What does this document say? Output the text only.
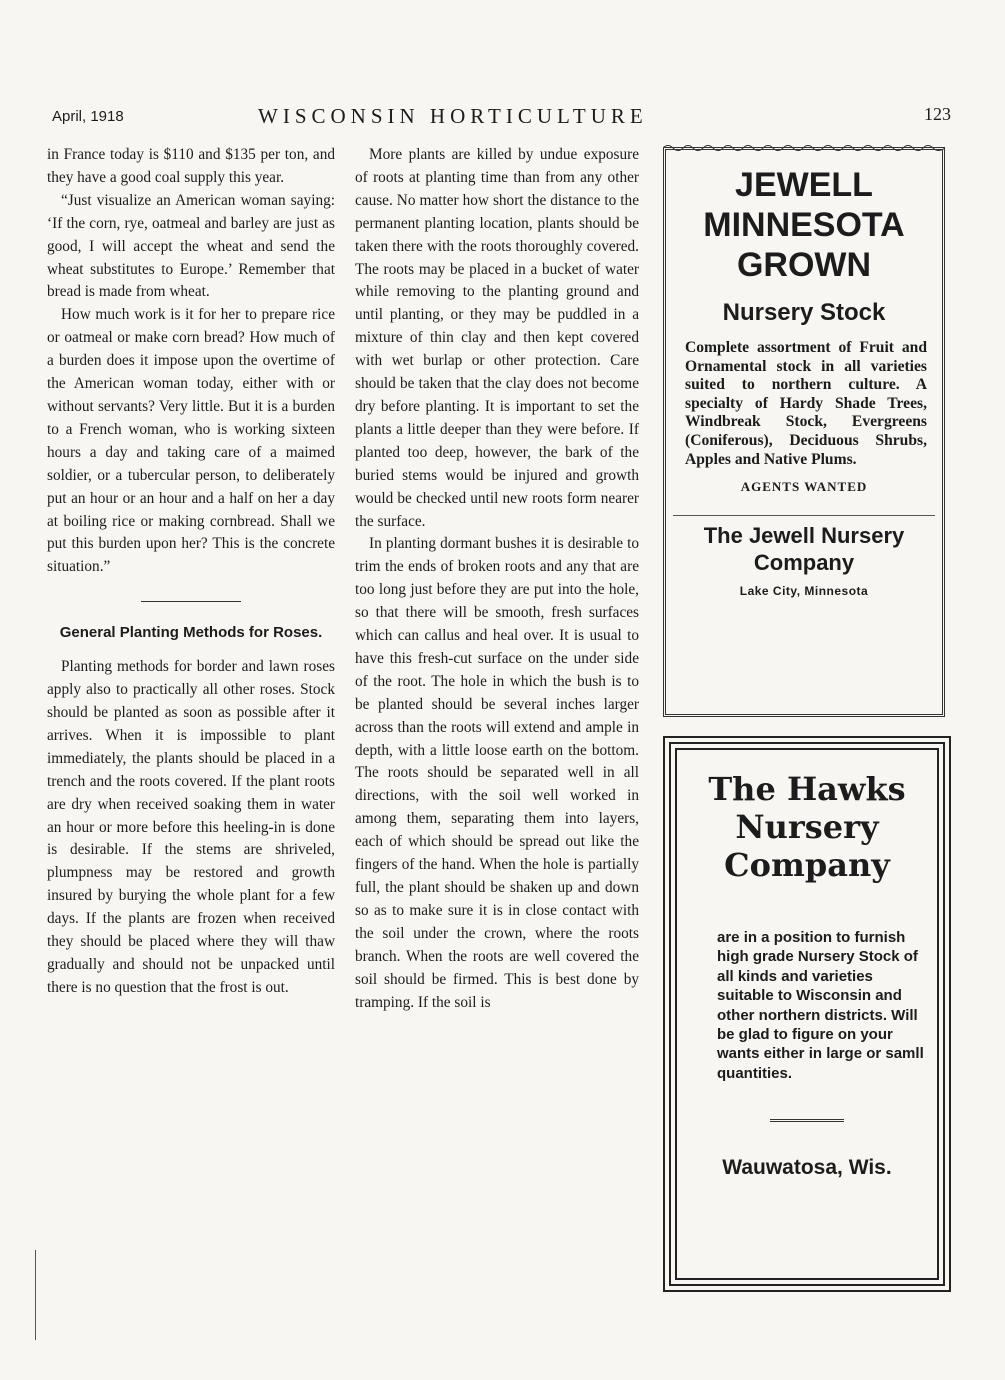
April, 1918	WISCONSIN HORTICULTURE	123

in France today is $110 and $135 per ton, and they have a good coal supply this year.

“Just visualize an American woman saying: ‘If the corn, rye, oatmeal and barley are just as good, I will accept the wheat and send the wheat substitutes to Europe.’ Remember that bread is made from wheat.

How much work is it for her to prepare rice or oatmeal or make corn bread? How much of a burden does it impose upon the overtime of the American woman today, either with or without servants? Very little. But it is a burden to a French woman, who is working sixteen hours a day and taking care of a maimed soldier, or a tubercular person, to deliberately put an hour or an hour and a half on her a day at boiling rice or making cornbread. Shall we put this burden upon her? This is the concrete situation.”

General Planting Methods for Roses.

Planting methods for border and lawn roses apply also to practically all other roses. Stock should be planted as soon as possible after it arrives. When it is impossible to plant immediately, the plants should be placed in a trench and the roots covered. If the plant roots are dry when received soaking them in water an hour or more before this heeling-in is done is desirable. If the stems are shriveled, plumpness may be restored and growth insured by burying the whole plant for a few days. If the plants are frozen when received they should be placed where they will thaw gradually and should not be unpacked until there is no question that the frost is out.

More plants are killed by undue exposure of roots at planting time than from any other cause. No matter how short the distance to the permanent planting location, plants should be taken there with the roots thoroughly covered. The roots may be placed in a bucket of water while removing to the planting ground and until planting, or they may be puddled in a mixture of thin clay and then kept covered with wet burlap or other protection. Care should be taken that the clay does not become dry before planting. It is important to set the plants a little deeper than they were before. If planted too deep, however, the bark of the buried stems would be injured and growth would be checked until new roots form nearer the surface.

In planting dormant bushes it is desirable to trim the ends of broken roots and any that are too long just before they are put into the hole, so that there will be smooth, fresh surfaces which can callus and heal over. It is usual to have this fresh-cut surface on the under side of the root. The hole in which the bush is to be planted should be several inches larger across than the roots will extend and ample in depth, with a little loose earth on the bottom. The roots should be separated well in all directions, with the soil well worked in among them, separating them into layers, each of which should be spread out like the fingers of the hand. When the hole is partially full, the plant should be shaken up and down so as to make sure it is in close contact with the soil under the crown, where the roots branch. When the roots are well covered the soil should be firmed. This is best done by tramping. If the soil is

JEWELL
MINNESOTA
GROWN
Nursery Stock
Complete assortment of Fruit and Ornamental stock in all varieties suited to northern culture. A specialty of Hardy Shade Trees, Windbreak Stock, Evergreens (Coniferous), Deciduous Shrubs, Apples and Native Plums.
AGENTS WANTED
The Jewell Nursery Company
Lake City, Minnesota
The Hawks
Nursery
Company
are in a position to furnish high grade Nursery Stock of all kinds and varieties suitable to Wisconsin and other northern districts. Will be glad to figure on your wants either in large or samll quantities.
Wauwatosa, Wis.
